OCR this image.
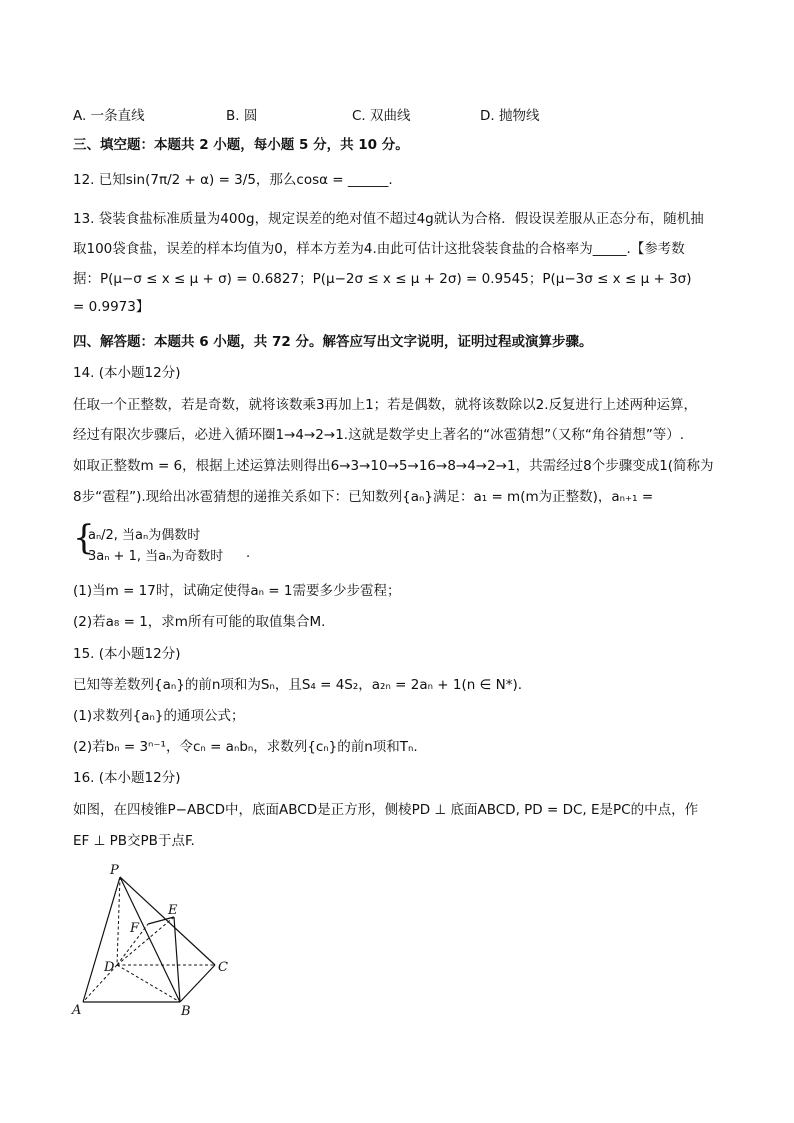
A. 一条直线	B. 圆	C. 双曲线	D. 抛物线
三、填空题：本题共 2 小题，每小题 5 分，共 10 分。
12. 已知sin(7π/2 + α) = 3/5，那么cosα = ______.
13. 袋装食盐标准质量为400g，规定误差的绝对值不超过4g就认为合格．假设误差服从正态分布，随机抽
取100袋食盐，误差的样本均值为0，样本方差为4.由此可估计这批袋装食盐的合格率为_____.【参考数
据：P(μ−σ ≤ x ≤ μ + σ) = 0.6827；P(μ−2σ ≤ x ≤ μ + 2σ) = 0.9545；P(μ−3σ ≤ x ≤ μ + 3σ)
= 0.9973】
四、解答题：本题共 6 小题，共 72 分。解答应写出文字说明，证明过程或演算步骤。
14. (本小题12分)
任取一个正整数，若是奇数，就将该数乘3再加上1；若是偶数，就将该数除以2.反复进行上述两种运算，
经过有限次步骤后，必进入循环圈1→4→2→1.这就是数学史上著名的“冰雹猜想”（又称“角谷猜想”等）.
如取正整数m = 6，根据上述运算法则得出6→3→10→5→16→8→4→2→1，共需经过8个步骤变成1(简称为
8步“雹程”).现给出冰雹猜想的递推关系如下：已知数列{aₙ}满足：a₁ = m(m为正整数)，aₙ₊₁ =
{
aₙ/2, 当aₙ为偶数时
3aₙ + 1, 当aₙ为奇数时 .
(1)当m = 17时，试确定使得aₙ = 1需要多少步雹程；
(2)若a₈ = 1，求m所有可能的取值集合M.
15. (本小题12分)
已知等差数列{aₙ}的前n项和为Sₙ，且S₄ = 4S₂，a₂ₙ = 2aₙ + 1(n ∈ N*).
(1)求数列{aₙ}的通项公式；
(2)若bₙ = 3ⁿ⁻¹，令cₙ = aₙbₙ，求数列{cₙ}的前n项和Tₙ.
16. (本小题12分)
如图，在四棱锥P−ABCD中，底面ABCD是正方形，侧棱PD ⊥ 底面ABCD, PD = DC, E是PC的中点，作
EF ⊥ PB交PB于点F.
P
E
F
D	C
A	B
